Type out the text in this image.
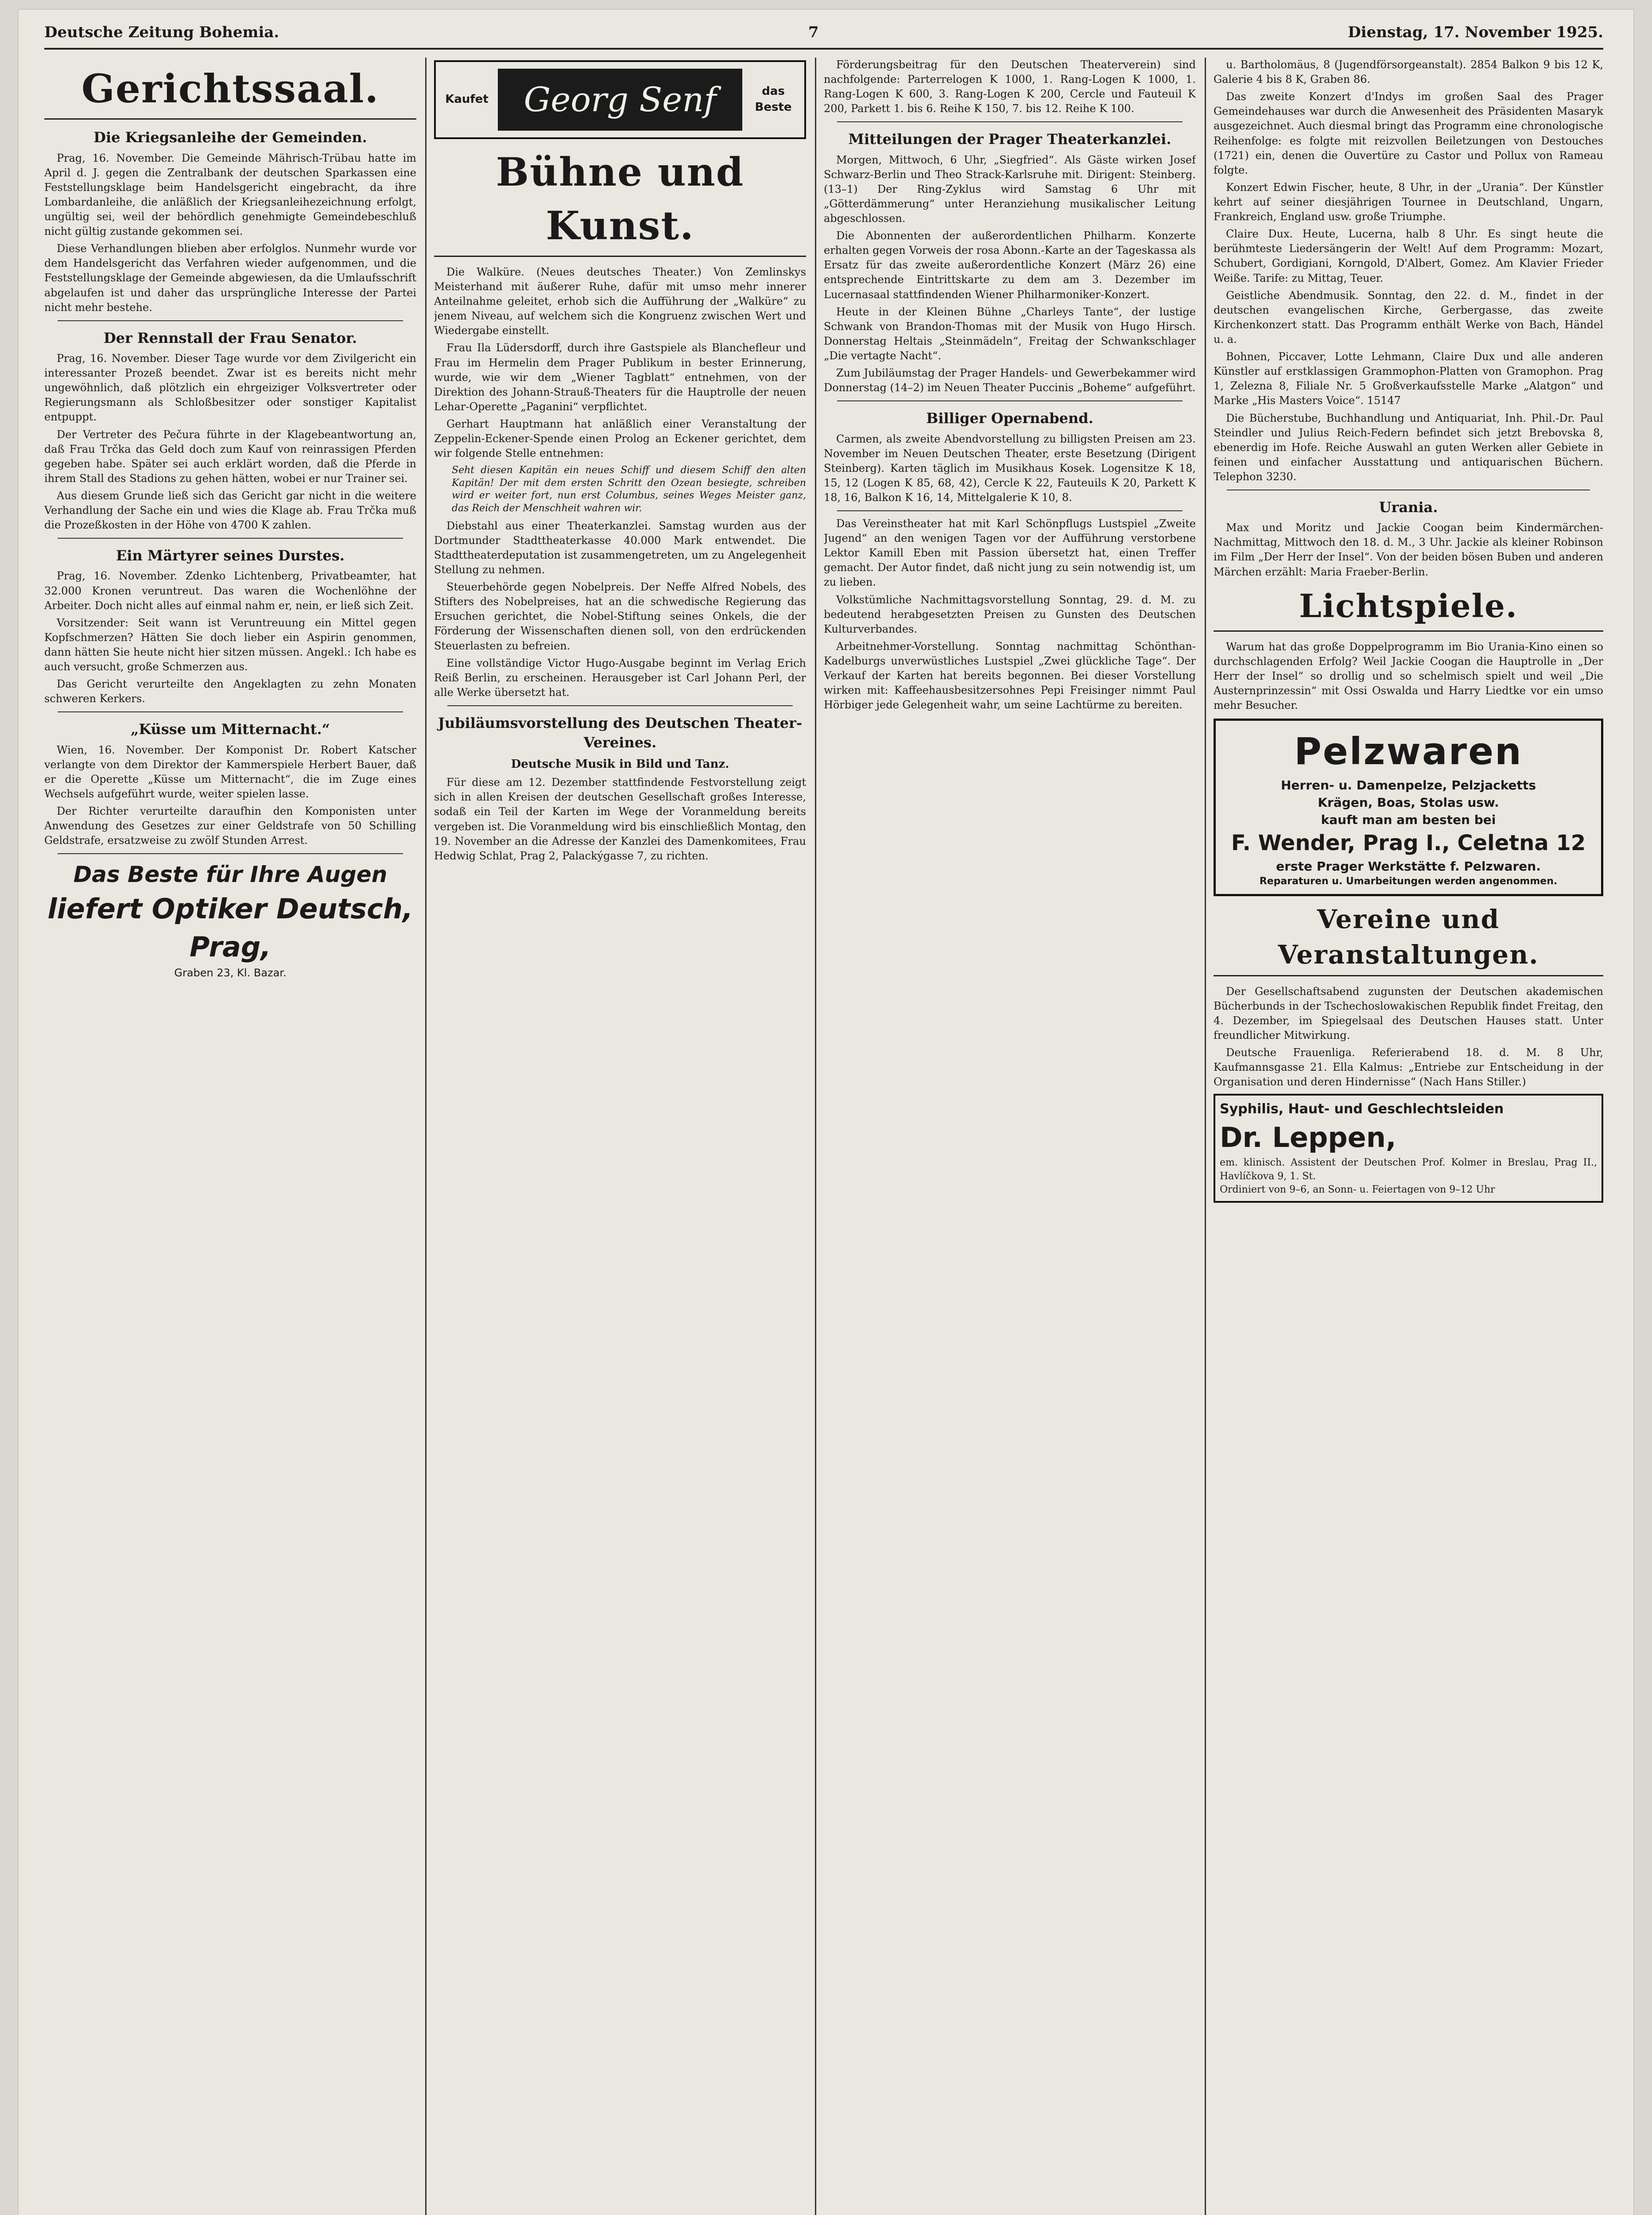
Deutsche Zeitung Bohemia.	7	Dienstag, 17. November 1925.
Gerichtssaal.
Die Kriegsanleihe der Gemeinden.

Prag, 16. November. Die Gemeinde Mährisch-Trübau hatte im April d. J. gegen die Zentralbank der deutschen Sparkassen eine Feststellungsklage beim Handelsgericht eingebracht, da ihre Lombardanleihe, die anläßlich der Kriegsanleihezeichnung erfolgt, ungültig sei, weil der behördlich genehmigte Gemeindebeschluß nicht gültig zustande gekommen sei.

Diese Verhandlungen blieben aber erfolglos. Nunmehr wurde vor dem Handelsgericht das Verfahren wieder aufgenommen, und die Feststellungsklage der Gemeinde abgewiesen, da die Umlaufsschrift abgelaufen ist und daher das ursprüngliche Interesse der Partei nicht mehr bestehe.

Der Rennstall der Frau Senator.

Prag, 16. November. Dieser Tage wurde vor dem Zivilgericht ein interessanter Prozeß beendet. Zwar ist es bereits nicht mehr ungewöhnlich, daß plötzlich ein ehrgeiziger Volksvertreter oder Regierungsmann als Schloßbesitzer oder sonstiger Kapitalist entpuppt.

Der Vertreter des Pečura führte in der Klagebeantwortung an, daß Frau Trčka das Geld doch zum Kauf von reinrassigen Pferden gegeben habe. Später sei auch erklärt worden, daß die Pferde in ihrem Stall des Stadions zu gehen hätten, wobei er nur Trainer sei.

Aus diesem Grunde ließ sich das Gericht gar nicht in die weitere Verhandlung der Sache ein und wies die Klage ab. Frau Trčka muß die Prozeßkosten in der Höhe von 4700 K zahlen.

Ein Märtyrer seines Durstes.

Prag, 16. November. Zdenko Lichtenberg, Privatbeamter, hat 32.000 Kronen veruntreut. Das waren die Wochenlöhne der Arbeiter. Doch nicht alles auf einmal nahm er, nein, er ließ sich Zeit.

Vorsitzender: Seit wann ist Veruntreuung ein Mittel gegen Kopfschmerzen? Hätten Sie doch lieber ein Aspirin genommen, dann hätten Sie heute nicht hier sitzen müssen. Angekl.: Ich habe es auch versucht, große Schmerzen aus.

Das Gericht verurteilte den Angeklagten zu zehn Monaten schweren Kerkers.

„Küsse um Mitternacht.“

Wien, 16. November. Der Komponist Dr. Robert Katscher verlangte von dem Direktor der Kammerspiele Herbert Bauer, daß er die Operette „Küsse um Mitternacht“, die im Zuge eines Wechsels aufgeführt wurde, weiter spielen lasse.

Der Richter verurteilte daraufhin den Komponisten unter Anwendung des Gesetzes zur einer Geldstrafe von 50 Schilling Geldstrafe, ersatzweise zu zwölf Stunden Arrest.

Das Beste für Ihre Augen
liefert Optiker Deutsch, Prag,
Graben 23, Kl. Bazar.
Kaufet	Georg Senf	das Beste
Bühne und Kunst.

Die Walküre. (Neues deutsches Theater.) Von Zemlinskys Meisterhand mit äußerer Ruhe, dafür mit umso mehr innerer Anteilnahme geleitet, erhob sich die Aufführung der „Walküre“ zu jenem Niveau, auf welchem sich die Kongruenz zwischen Wert und Wiedergabe einstellt.

Frau Ila Lüdersdorff, durch ihre Gastspiele als Blanchefleur und Frau im Hermelin dem Prager Publikum in bester Erinnerung, wurde, wie wir dem „Wiener Tagblatt“ entnehmen, von der Direktion des Johann-Strauß-Theaters für die Hauptrolle der neuen Lehar-Operette „Paganini“ verpflichtet.

Gerhart Hauptmann hat anläßlich einer Veranstaltung der Zeppelin-Eckener-Spende einen Prolog an Eckener gerichtet, dem wir folgende Stelle entnehmen:

Seht diesen Kapitän ein neues Schiff und diesem Schiff den alten Kapitän! Der mit dem ersten Schritt den Ozean besiegte, schreiben wird er weiter fort, nun erst Columbus, seines Weges Meister ganz, das Reich der Menschheit wahren wir.

Diebstahl aus einer Theaterkanzlei. Samstag wurden aus der Dortmunder Stadttheaterkasse 40.000 Mark entwendet. Die Stadttheaterdeputation ist zusammengetreten, um zu Angelegenheit Stellung zu nehmen.

Steuerbehörde gegen Nobelpreis. Der Neffe Alfred Nobels, des Stifters des Nobelpreises, hat an die schwedische Regierung das Ersuchen gerichtet, die Nobel-Stiftung seines Onkels, die der Förderung der Wissenschaften dienen soll, von den erdrückenden Steuerlasten zu befreien.

Eine vollständige Victor Hugo-Ausgabe beginnt im Verlag Erich Reiß Berlin, zu erscheinen. Herausgeber ist Carl Johann Perl, der alle Werke übersetzt hat.

Jubiläumsvorstellung des Deutschen Theater-Vereines.
Deutsche Musik in Bild und Tanz.

Für diese am 12. Dezember stattfindende Festvorstellung zeigt sich in allen Kreisen der deutschen Gesellschaft großes Interesse, sodaß ein Teil der Karten im Wege der Voranmeldung bereits vergeben ist. Die Voranmeldung wird bis einschließlich Montag, den 19. November an die Adresse der Kanzlei des Damenkomitees, Frau Hedwig Schlat, Prag 2, Palackýgasse 7, zu richten.

Förderungsbeitrag für den Deutschen Theaterverein) sind nachfolgende: Parterrelogen K 1000, 1. Rang-Logen K 1000, 1. Rang-Logen K 600, 3. Rang-Logen K 200, Cercle und Fauteuil K 200, Parkett 1. bis 6. Reihe K 150, 7. bis 12. Reihe K 100.

Mitteilungen der Prager Theaterkanzlei.

Morgen, Mittwoch, 6 Uhr, „Siegfried“. Als Gäste wirken Josef Schwarz-Berlin und Theo Strack-Karlsruhe mit. Dirigent: Steinberg. (13–1) Der Ring-Zyklus wird Samstag 6 Uhr mit „Götterdämmerung“ unter Heranziehung musikalischer Leitung abgeschlossen.

Die Abonnenten der außerordentlichen Philharm. Konzerte erhalten gegen Vorweis der rosa Abonn.-Karte an der Tageskassa als Ersatz für das zweite außerordentliche Konzert (März 26) eine entsprechende Eintrittskarte zu dem am 3. Dezember im Lucernasaal stattfindenden Wiener Philharmoniker-Konzert.

Heute in der Kleinen Bühne „Charleys Tante“, der lustige Schwank von Brandon-Thomas mit der Musik von Hugo Hirsch. Donnerstag Heltais „Steinmädeln“, Freitag der Schwankschlager „Die vertagte Nacht“.

Zum Jubiläumstag der Prager Handels- und Gewerbekammer wird Donnerstag (14–2) im Neuen Theater Puccinis „Boheme“ aufgeführt.

Billiger Opernabend.

Carmen, als zweite Abendvorstellung zu billigsten Preisen am 23. November im Neuen Deutschen Theater, erste Besetzung (Dirigent Steinberg). Karten täglich im Musikhaus Kosek. Logensitze K 18, 15, 12 (Logen K 85, 68, 42), Cercle K 22, Fauteuils K 20, Parkett K 18, 16, Balkon K 16, 14, Mittelgalerie K 10, 8.

Das Vereinstheater hat mit Karl Schönpflugs Lustspiel „Zweite Jugend“ an den wenigen Tagen vor der Aufführung verstorbene Lektor Kamill Eben mit Passion übersetzt hat, einen Treffer gemacht. Der Autor findet, daß nicht jung zu sein notwendig ist, um zu lieben.

Volkstümliche Nachmittagsvorstellung Sonntag, 29. d. M. zu bedeutend herabgesetzten Preisen zu Gunsten des Deutschen Kulturverbandes.

Arbeitnehmer-Vorstellung. Sonntag nachmittag Schönthan-Kadelburgs unverwüstliches Lustspiel „Zwei glückliche Tage“. Der Verkauf der Karten hat bereits begonnen. Bei dieser Vorstellung wirken mit: Kaffeehausbesitzersohnes Pepi Freisinger nimmt Paul Hörbiger jede Gelegenheit wahr, um seine Lachtürme zu bereiten.

u. Bartholomäus, 8 (Jugendförsorgeanstalt). 2854 Balkon 9 bis 12 K, Galerie 4 bis 8 K, Graben 86.

Das zweite Konzert d'Indys im großen Saal des Prager Gemeindehauses war durch die Anwesenheit des Präsidenten Masaryk ausgezeichnet. Auch diesmal bringt das Programm eine chronologische Reihenfolge: es folgte mit reizvollen Beiletzungen von Destouches (1721) ein, denen die Ouvertüre zu Castor und Pollux von Rameau folgte.

Konzert Edwin Fischer, heute, 8 Uhr, in der „Urania“. Der Künstler kehrt auf seiner diesjährigen Tournee in Deutschland, Ungarn, Frankreich, England usw. große Triumphe.

Claire Dux. Heute, Lucerna, halb 8 Uhr. Es singt heute die berühmteste Liedersängerin der Welt! Auf dem Programm: Mozart, Schubert, Gordigiani, Korngold, D'Albert, Gomez. Am Klavier Frieder Weiße. Tarife: zu Mittag, Teuer.

Geistliche Abendmusik. Sonntag, den 22. d. M., findet in der deutschen evangelischen Kirche, Gerbergasse, das zweite Kirchenkonzert statt. Das Programm enthält Werke von Bach, Händel u. a.

Bohnen, Piccaver, Lotte Lehmann, Claire Dux und alle anderen Künstler auf erstklassigen Grammophon-Platten von Gramophon. Prag 1, Zelezna 8, Filiale Nr. 5 Großverkaufsstelle Marke „Alatgon“ und Marke „His Masters Voice“. 15147

Die Bücherstube, Buchhandlung und Antiquariat, Inh. Phil.-Dr. Paul Steindler und Julius Reich-Federn befindet sich jetzt Brebovska 8, ebenerdig im Hofe. Reiche Auswahl an guten Werken aller Gebiete in feinen und einfacher Ausstattung und antiquarischen Büchern. Telephon 3230.

Urania.

Max und Moritz und Jackie Coogan beim Kindermärchen-Nachmittag, Mittwoch den 18. d. M., 3 Uhr. Jackie als kleiner Robinson im Film „Der Herr der Insel“. Von der beiden bösen Buben und anderen Märchen erzählt: Maria Fraeber-Berlin.

Lichtspiele.

Warum hat das große Doppelprogramm im Bio Urania-Kino einen so durchschlagenden Erfolg? Weil Jackie Coogan die Hauptrolle in „Der Herr der Insel“ so drollig und so schelmisch spielt und weil „Die Austernprinzessin“ mit Ossi Oswalda und Harry Liedtke vor ein umso mehr Besucher.

Pelzwaren
Herren- u. Damenpelze, Pelzjacketts
Krägen, Boas, Stolas usw.
kauft man am besten bei
F. Wender, Prag I., Celetna 12
erste Prager Werkstätte f. Pelzwaren.
Reparaturen u. Umarbeitungen werden angenommen.
Vereine und Veranstaltungen.

Der Gesellschaftsabend zugunsten der Deutschen akademischen Bücherbunds in der Tschechoslowakischen Republik findet Freitag, den 4. Dezember, im Spiegelsaal des Deutschen Hauses statt. Unter freundlicher Mitwirkung.

Deutsche Frauenliga. Referierabend 18. d. M. 8 Uhr, Kaufmannsgasse 21. Ella Kalmus: „Entriebe zur Entscheidung in der Organisation und deren Hindernisse“ (Nach Hans Stiller.)

Syphilis, Haut- und Geschlechtsleiden
Dr. Leppen,
em. klinisch. Assistent der Deutschen Prof. Kolmer in Breslau, Prag II., Havlíčkova 9, 1. St.
Ordiniert von 9–6, an Sonn- u. Feiertagen von 9–12 Uhr
